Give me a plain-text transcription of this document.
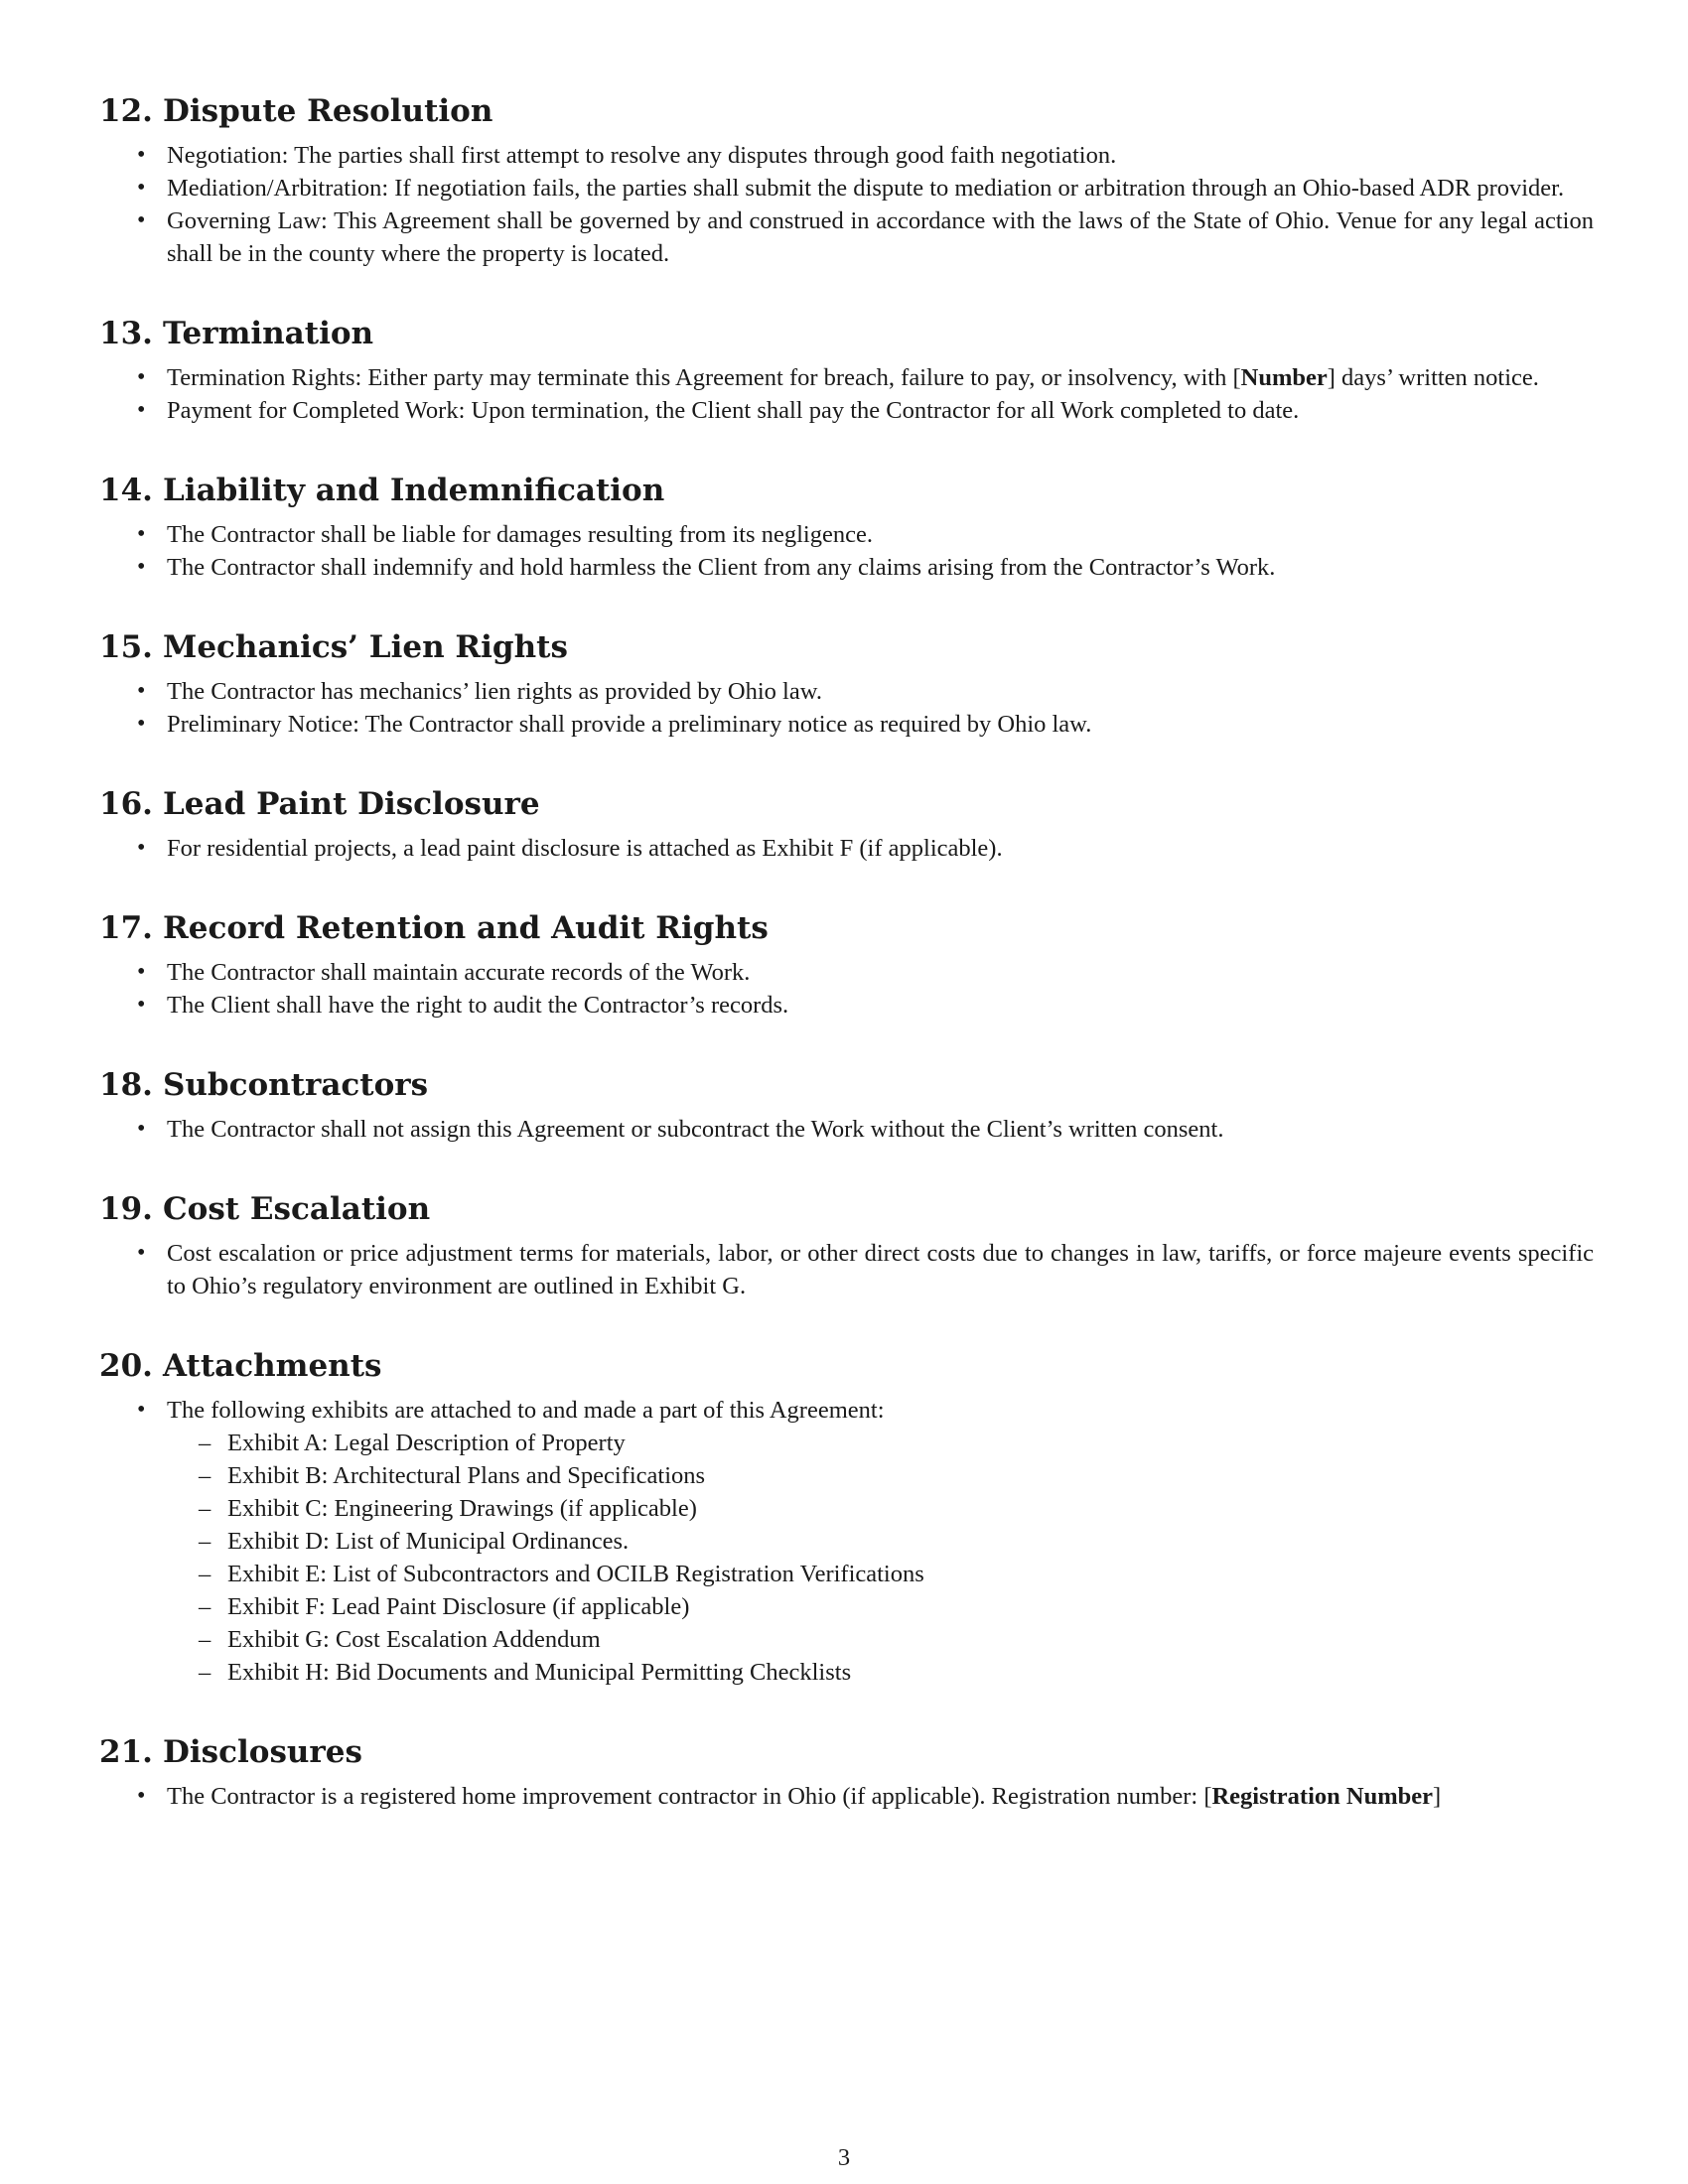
12. Dispute Resolution
• Negotiation: The parties shall first attempt to resolve any disputes through good faith negotiation.
• Mediation/Arbitration: If negotiation fails, the parties shall submit the dispute to mediation or arbitration through an Ohio-based ADR provider.
• Governing Law: This Agreement shall be governed by and construed in accordance with the laws of the State of Ohio. Venue for any legal action shall be in the county where the property is located.
13. Termination
• Termination Rights: Either party may terminate this Agreement for breach, failure to pay, or insolvency, with [Number] days’ written notice.
• Payment for Completed Work: Upon termination, the Client shall pay the Contractor for all Work completed to date.
14. Liability and Indemnification
• The Contractor shall be liable for damages resulting from its negligence.
• The Contractor shall indemnify and hold harmless the Client from any claims arising from the Contractor’s Work.
15. Mechanics’ Lien Rights
• The Contractor has mechanics’ lien rights as provided by Ohio law.
• Preliminary Notice: The Contractor shall provide a preliminary notice as required by Ohio law.
16. Lead Paint Disclosure
• For residential projects, a lead paint disclosure is attached as Exhibit F (if applicable).
17. Record Retention and Audit Rights
• The Contractor shall maintain accurate records of the Work.
• The Client shall have the right to audit the Contractor’s records.
18. Subcontractors
• The Contractor shall not assign this Agreement or subcontract the Work without the Client’s written consent.
19. Cost Escalation
• Cost escalation or price adjustment terms for materials, labor, or other direct costs due to changes in law, tariffs, or force majeure events specific to Ohio’s regulatory environment are outlined in Exhibit G.
20. Attachments
• The following exhibits are attached to and made a part of this Agreement:
– Exhibit A: Legal Description of Property
– Exhibit B: Architectural Plans and Specifications
– Exhibit C: Engineering Drawings (if applicable)
– Exhibit D: List of Municipal Ordinances.
– Exhibit E: List of Subcontractors and OCILB Registration Verifications
– Exhibit F: Lead Paint Disclosure (if applicable)
– Exhibit G: Cost Escalation Addendum
– Exhibit H: Bid Documents and Municipal Permitting Checklists
21. Disclosures
• The Contractor is a registered home improvement contractor in Ohio (if applicable). Registration number: [Registration Number]
3
